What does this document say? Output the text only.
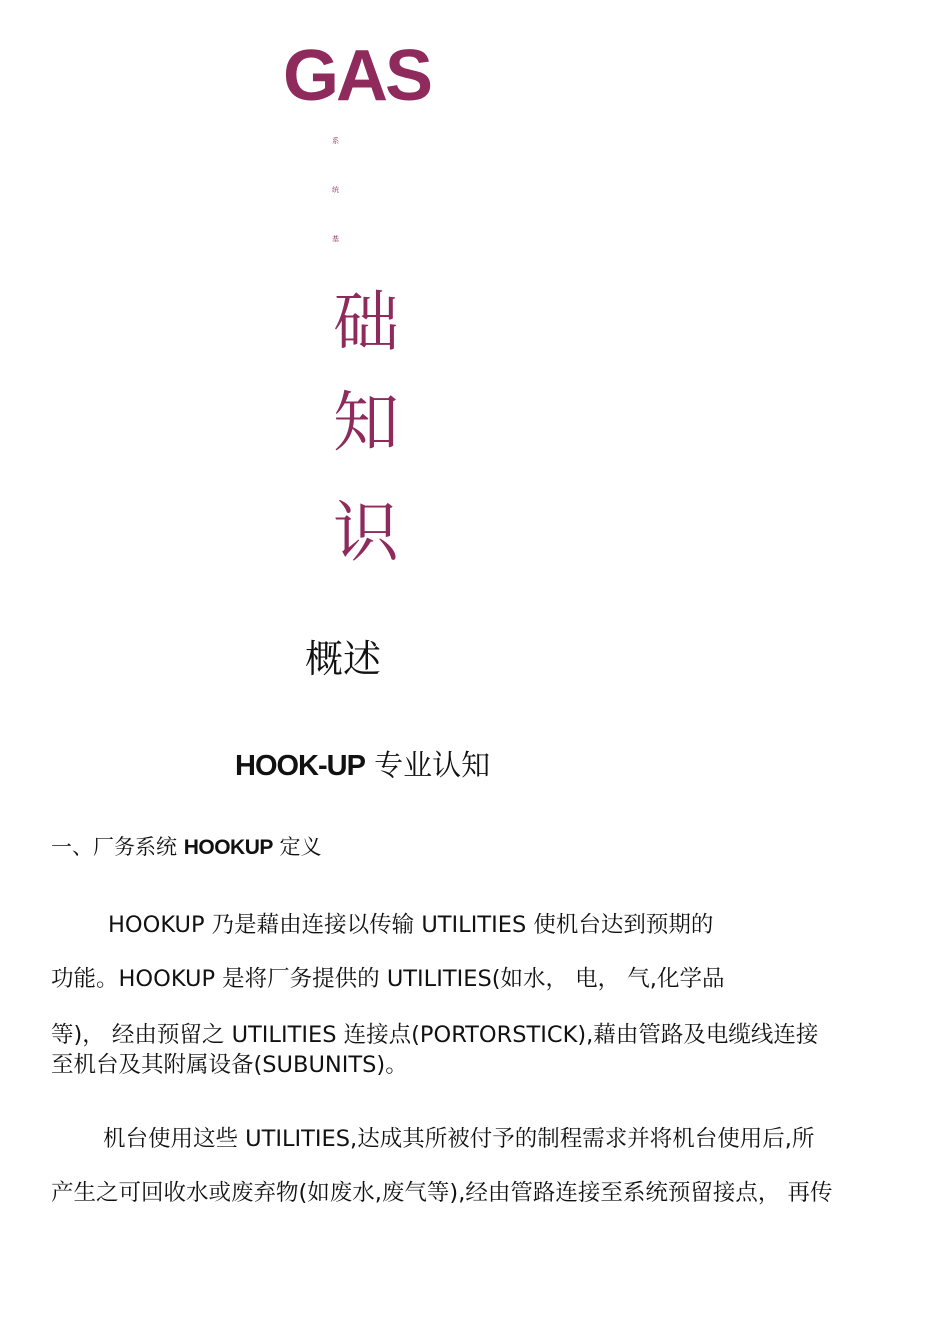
GAS
系
统
基
础
知
识
概述
HOOK-UP 专业认知
一、厂务系统 HOOKUP 定义
HOOKUP 乃是藉由连接以传输 UTILITIES 使机台达到预期的
功能。HOOKUP 是将厂务提供的 UTILITIES(如水， 电， 气,化学品
等)， 经由预留之 UTILITIES 连接点(PORTORSTICK),藉由管路及电缆线连接
至机台及其附属设备(SUBUNITS)。
机台使用这些 UTILITIES,达成其所被付予的制程需求并将机台使用后,所
产生之可回收水或废弃物(如废水,废气等),经由管路连接至系统预留接点， 再传
